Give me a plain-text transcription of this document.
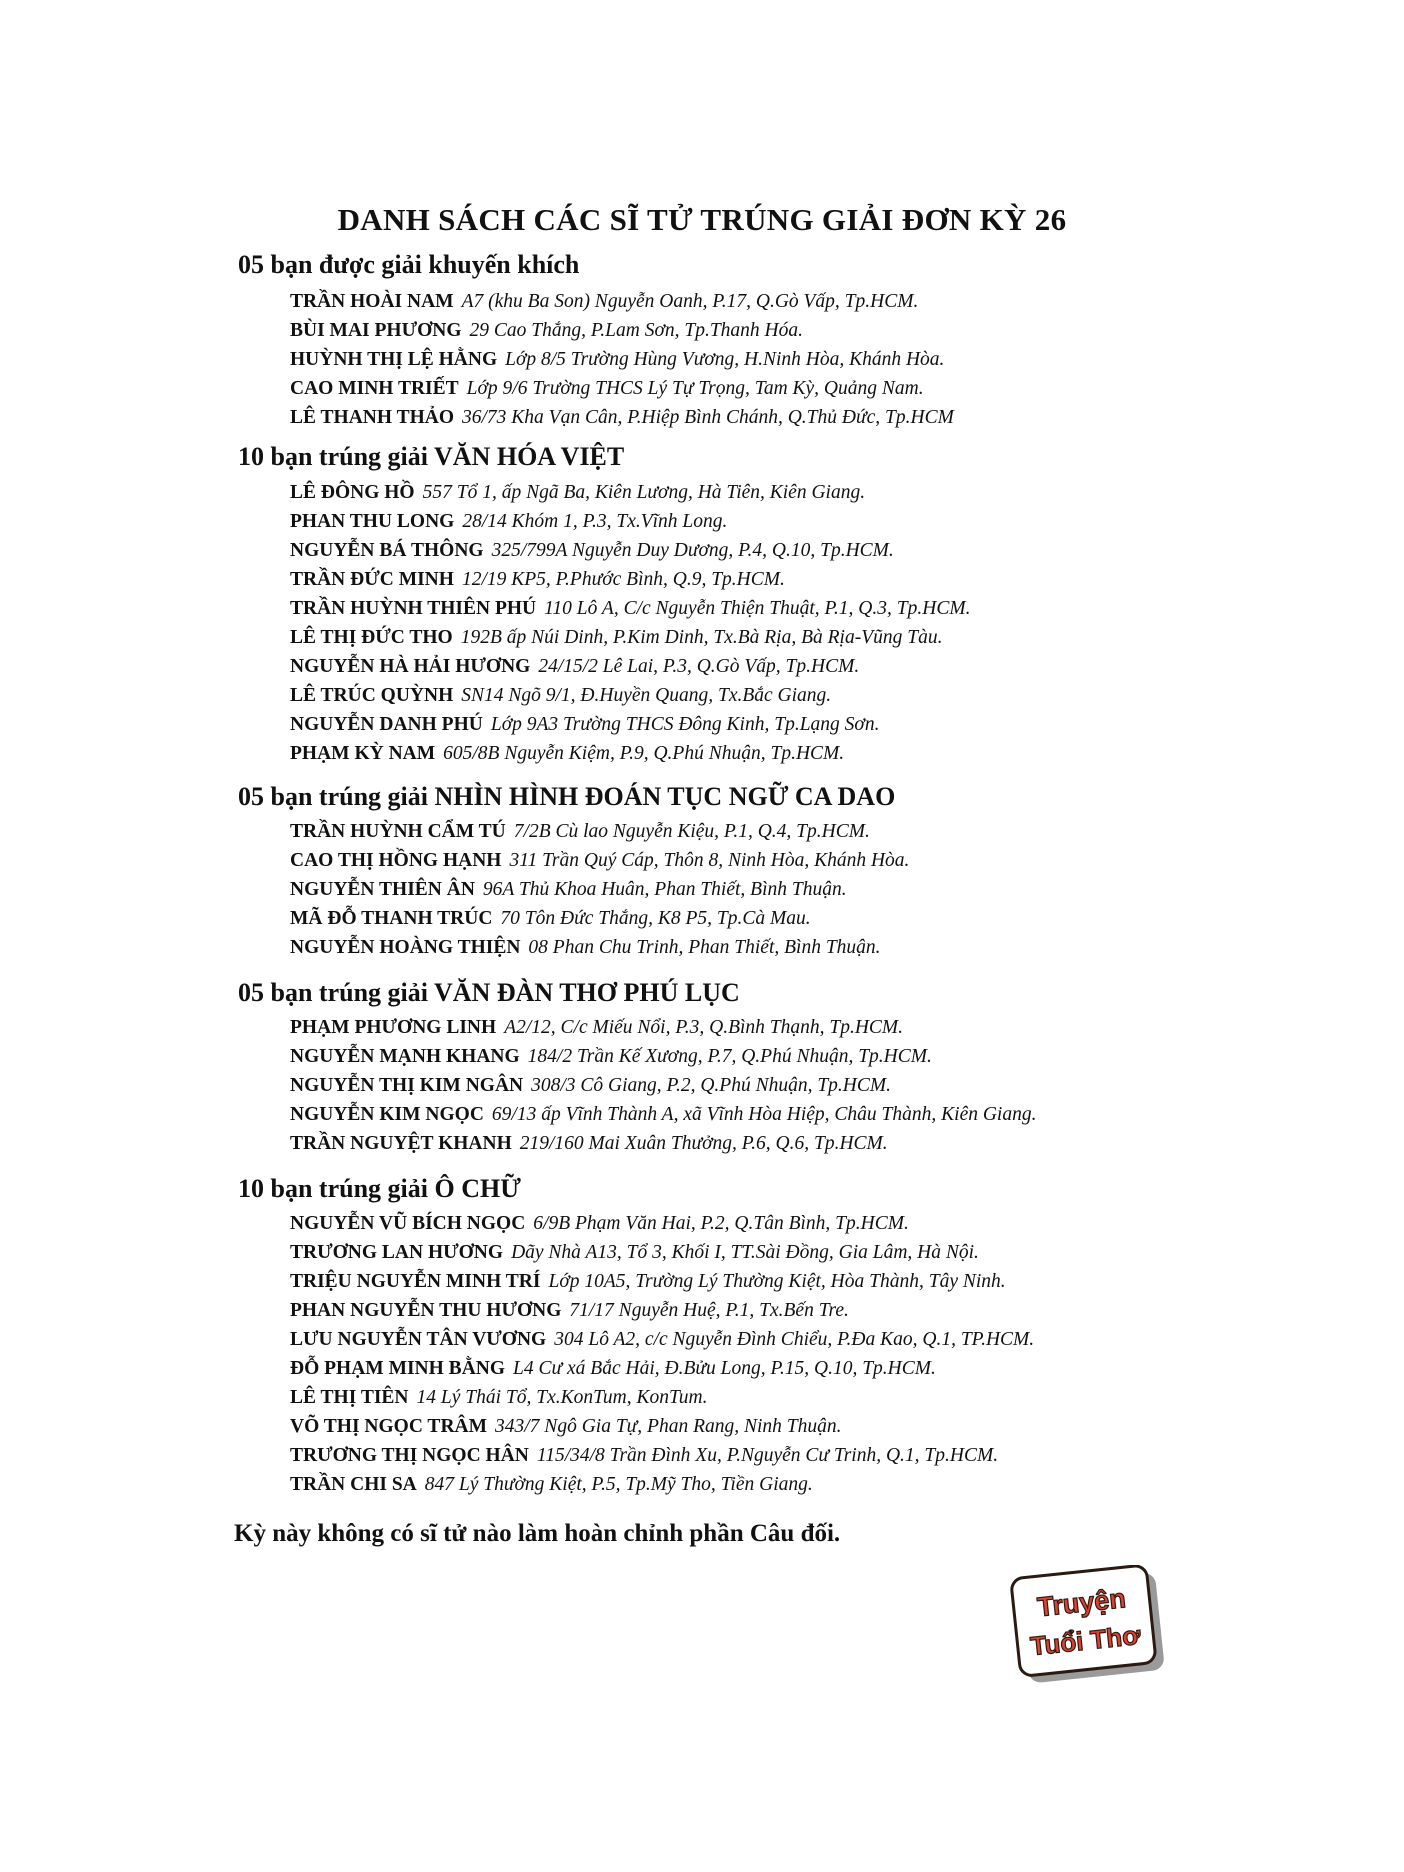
DANH SÁCH CÁC SĨ TỬ TRÚNG GIẢI ĐƠN KỲ 26
05 bạn được giải khuyến khích
TRẦN HOÀI NAM A7 (khu Ba Son) Nguyễn Oanh, P.17, Q.Gò Vấp, Tp.HCM.
BÙI MAI PHƯƠNG 29 Cao Thắng, P.Lam Sơn, Tp.Thanh Hóa.
HUỲNH THỊ LỆ HẰNG Lớp 8/5 Trường Hùng Vương, H.Ninh Hòa, Khánh Hòa.
CAO MINH TRIẾT Lớp 9/6 Trường THCS Lý Tự Trọng, Tam Kỳ, Quảng Nam.
LÊ THANH THẢO 36/73 Kha Vạn Cân, P.Hiệp Bình Chánh, Q.Thủ Đức, Tp.HCM
10 bạn trúng giải VĂN HÓA VIỆT
LÊ ĐÔNG HỒ 557 Tổ 1, ấp Ngã Ba, Kiên Lương, Hà Tiên, Kiên Giang.
PHAN THU LONG 28/14 Khóm 1, P.3, Tx.Vĩnh Long.
NGUYỄN BÁ THÔNG 325/799A Nguyễn Duy Dương, P.4, Q.10, Tp.HCM.
TRẦN ĐỨC MINH 12/19 KP5, P.Phước Bình, Q.9, Tp.HCM.
TRẦN HUỲNH THIÊN PHÚ 110 Lô A, C/c Nguyễn Thiện Thuật, P.1, Q.3, Tp.HCM.
LÊ THỊ ĐỨC THO 192B ấp Núi Dinh, P.Kim Dinh, Tx.Bà Rịa, Bà Rịa-Vũng Tàu.
NGUYỄN HÀ HẢI HƯƠNG 24/15/2 Lê Lai, P.3, Q.Gò Vấp, Tp.HCM.
LÊ TRÚC QUỲNH SN14 Ngõ 9/1, Đ.Huyền Quang, Tx.Bắc Giang.
NGUYỄN DANH PHÚ Lớp 9A3 Trường THCS Đông Kinh, Tp.Lạng Sơn.
PHẠM KỲ NAM 605/8B Nguyễn Kiệm, P.9, Q.Phú Nhuận, Tp.HCM.
05 bạn trúng giải NHÌN HÌNH ĐOÁN TỤC NGỮ CA DAO
TRẦN HUỲNH CẨM TÚ 7/2B Cù lao Nguyễn Kiệu, P.1, Q.4, Tp.HCM.
CAO THỊ HỒNG HẠNH 311 Trần Quý Cáp, Thôn 8, Ninh Hòa, Khánh Hòa.
NGUYỄN THIÊN ÂN 96A Thủ Khoa Huân, Phan Thiết, Bình Thuận.
MÃ ĐỖ THANH TRÚC 70 Tôn Đức Thắng, K8 P5, Tp.Cà Mau.
NGUYỄN HOÀNG THIỆN 08 Phan Chu Trinh, Phan Thiết, Bình Thuận.
05 bạn trúng giải VĂN ĐÀN THƠ PHÚ LỤC
PHẠM PHƯƠNG LINH A2/12, C/c Miếu Nổi, P.3, Q.Bình Thạnh, Tp.HCM.
NGUYỄN MẠNH KHANG 184/2 Trần Kế Xương, P.7, Q.Phú Nhuận, Tp.HCM.
NGUYỄN THỊ KIM NGÂN 308/3 Cô Giang, P.2, Q.Phú Nhuận, Tp.HCM.
NGUYỄN KIM NGỌC 69/13 ấp Vĩnh Thành A, xã Vĩnh Hòa Hiệp, Châu Thành, Kiên Giang.
TRẦN NGUYỆT KHANH 219/160 Mai Xuân Thưởng, P.6, Q.6, Tp.HCM.
10 bạn trúng giải Ô CHỮ
NGUYỄN VŨ BÍCH NGỌC 6/9B Phạm Văn Hai, P.2, Q.Tân Bình, Tp.HCM.
TRƯƠNG LAN HƯƠNG Dãy Nhà A13, Tổ 3, Khối I, TT.Sài Đồng, Gia Lâm, Hà Nội.
TRIỆU NGUYỄN MINH TRÍ Lớp 10A5, Trường Lý Thường Kiệt, Hòa Thành, Tây Ninh.
PHAN NGUYỄN THU HƯƠNG 71/17 Nguyễn Huệ, P.1, Tx.Bến Tre.
LƯU NGUYỄN TÂN VƯƠNG 304 Lô A2, c/c Nguyễn Đình Chiểu, P.Đa Kao, Q.1, TP.HCM.
ĐỖ PHẠM MINH BẰNG L4 Cư xá Bắc Hải, Đ.Bửu Long, P.15, Q.10, Tp.HCM.
LÊ THỊ TIÊN 14 Lý Thái Tổ, Tx.KonTum, KonTum.
VÕ THỊ NGỌC TRÂM 343/7 Ngô Gia Tự, Phan Rang, Ninh Thuận.
TRƯƠNG THỊ NGỌC HÂN 115/34/8 Trần Đình Xu, P.Nguyễn Cư Trinh, Q.1, Tp.HCM.
TRẦN CHI SA 847 Lý Thường Kiệt, P.5, Tp.Mỹ Tho, Tiền Giang.

Kỳ này không có sĩ tử nào làm hoàn chỉnh phần Câu đối.

Truyện
Tuổi Thơ
